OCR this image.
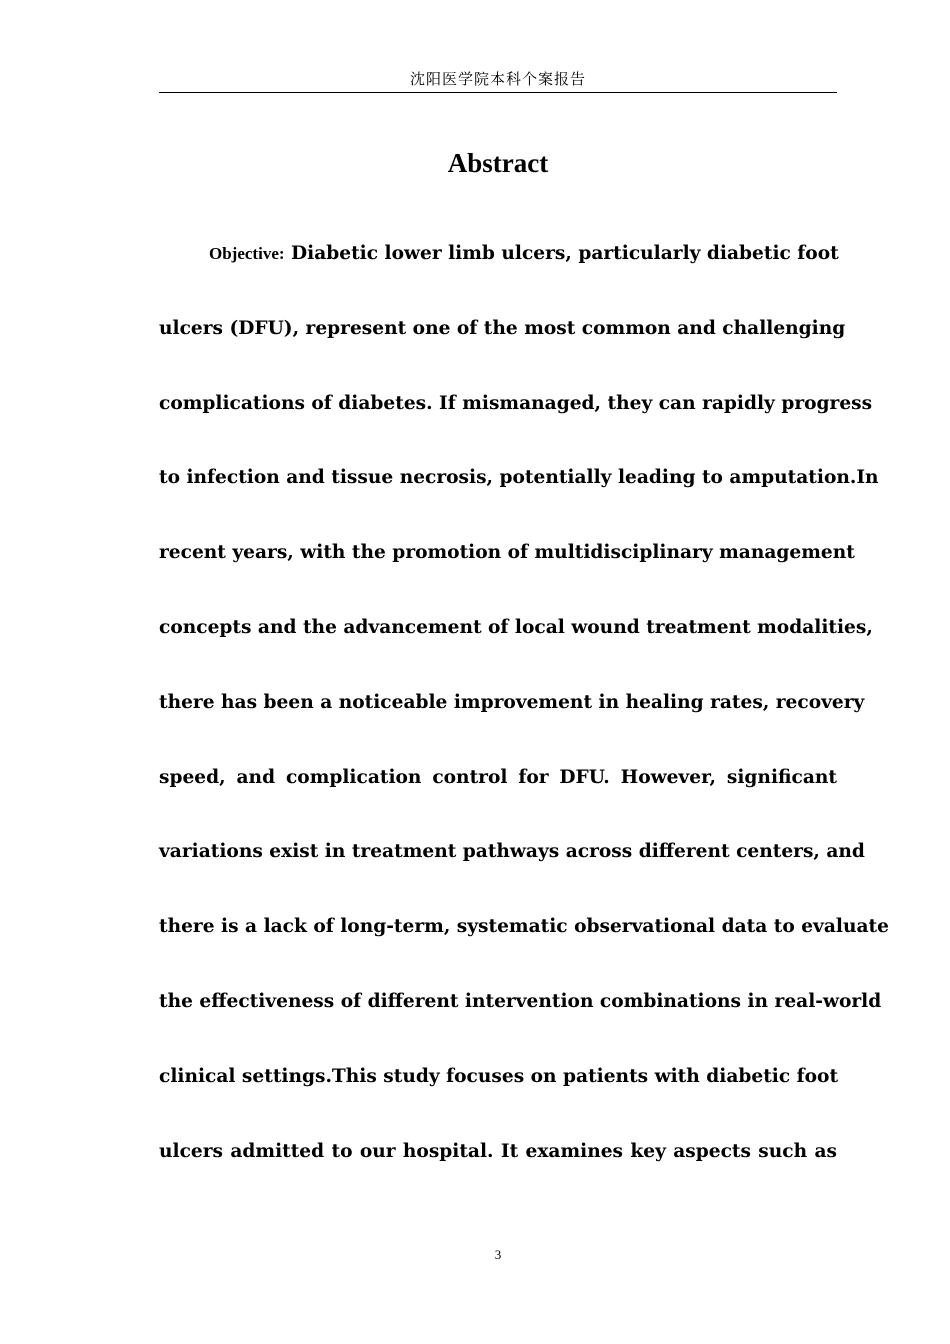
沈阳医学院本科个案报告
Abstract
Objective: Diabetic lower limb ulcers, particularly diabetic foot
ulcers (DFU), represent one of the most common and challenging
complications of diabetes. If mismanaged, they can rapidly progress
to infection and tissue necrosis, potentially leading to amputation.In
recent years, with the promotion of multidisciplinary management
concepts and the advancement of local wound treatment modalities,
there has been a noticeable improvement in healing rates, recovery
speed, and complication control for DFU. However, significant
variations exist in treatment pathways across different centers, and
there is a lack of long-term, systematic observational data to evaluate
the effectiveness of different intervention combinations in real-world
clinical settings.This study focuses on patients with diabetic foot
ulcers admitted to our hospital. It examines key aspects such as
3
